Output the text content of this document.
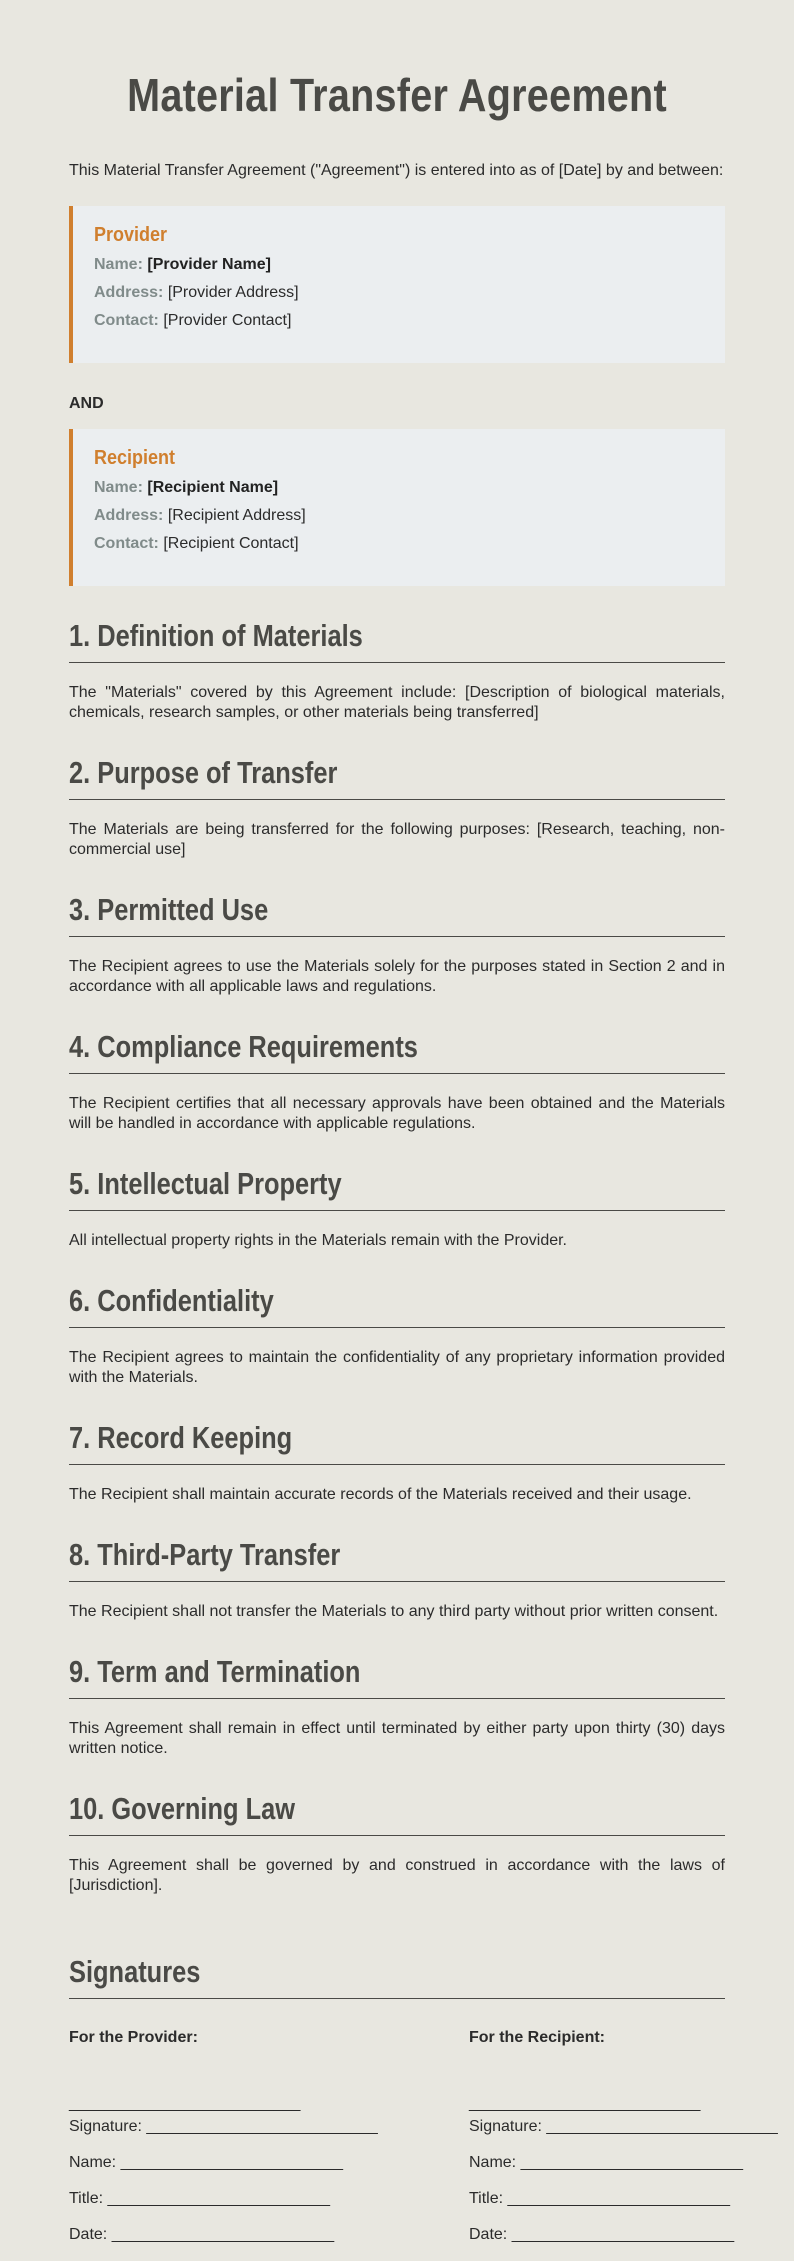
Material Transfer Agreement

This Material Transfer Agreement ("Agreement") is entered into as of [Date] by and between:

Provider
Name: [Provider Name]
Address: [Provider Address]
Contact: [Provider Contact]
AND
Recipient
Name: [Recipient Name]
Address: [Recipient Address]
Contact: [Recipient Contact]
1. Definition of Materials

The "Materials" covered by this Agreement include: [Description of biological materials, chemicals, research samples, or other materials being transferred]

2. Purpose of Transfer

The Materials are being transferred for the following purposes: [Research, teaching, non-commercial use]

3. Permitted Use

The Recipient agrees to use the Materials solely for the purposes stated in Section 2 and in accordance with all applicable laws and regulations.

4. Compliance Requirements

The Recipient certifies that all necessary approvals have been obtained and the Materials will be handled in accordance with applicable regulations.

5. Intellectual Property

All intellectual property rights in the Materials remain with the Provider.

6. Confidentiality

The Recipient agrees to maintain the confidentiality of any proprietary information provided with the Materials.

7. Record Keeping

The Recipient shall maintain accurate records of the Materials received and their usage.

8. Third-Party Transfer

The Recipient shall not transfer the Materials to any third party without prior written consent.

9. Term and Termination

This Agreement shall remain in effect until terminated by either party upon thirty (30) days written notice.

10. Governing Law

This Agreement shall be governed by and construed in accordance with the laws of [Jurisdiction].

Signatures
For the Provider:
__________________________
Signature: __________________________
Name: _________________________
Title: _________________________
Date: _________________________
For the Recipient:
__________________________
Signature: __________________________
Name: _________________________
Title: _________________________
Date: _________________________
